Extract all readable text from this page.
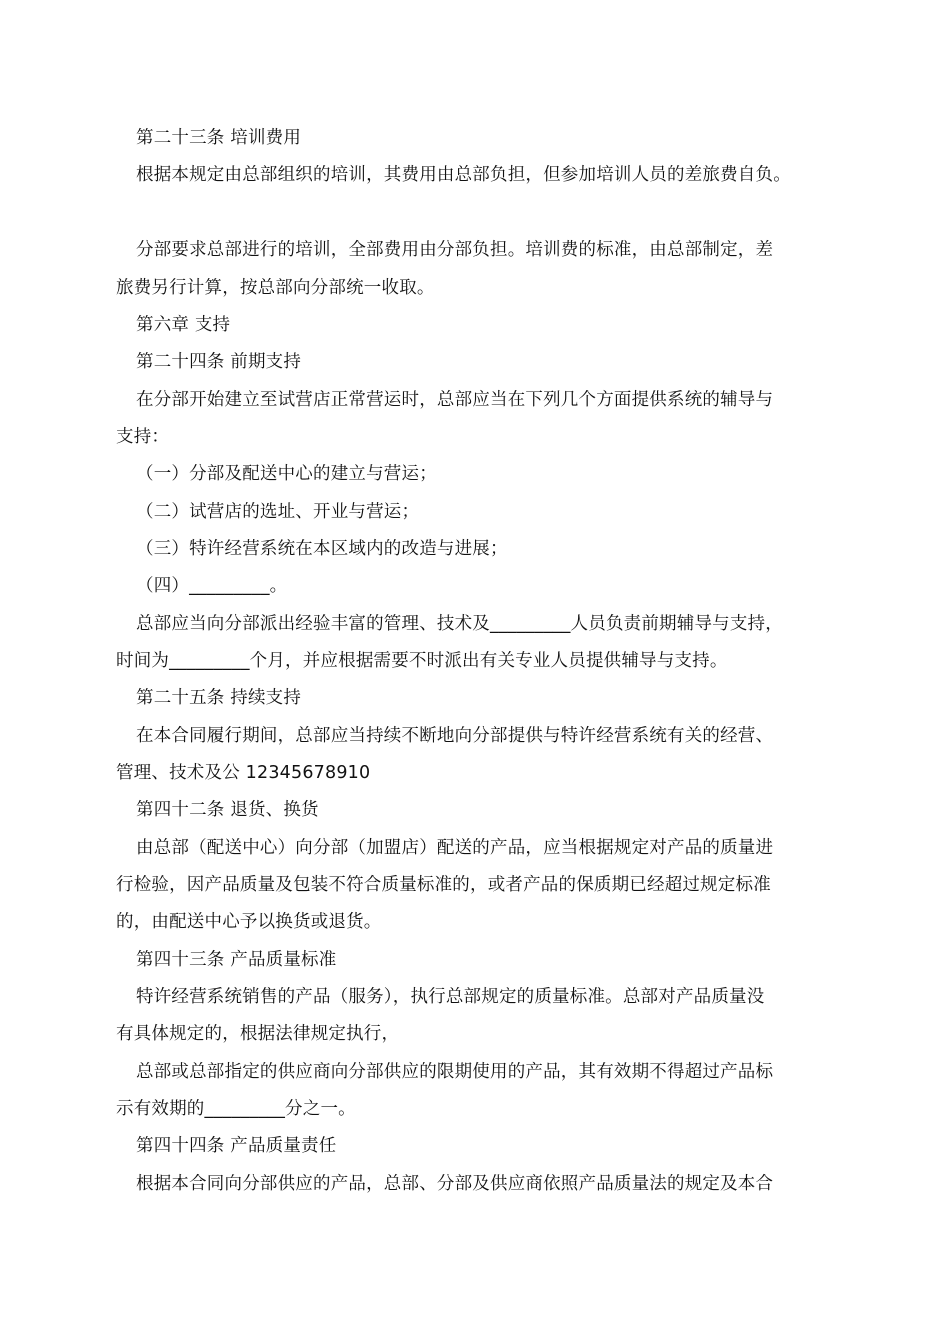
第二十三条 培训费用
根据本规定由总部组织的培训，其费用由总部负担，但参加培训人员的差旅费自负。
分部要求总部进行的培训，全部费用由分部负担。培训费的标准，由总部制定，差
旅费另行计算，按总部向分部统一收取。
第六章 支持
第二十四条 前期支持
在分部开始建立至试营店正常营运时，总部应当在下列几个方面提供系统的辅导与
支持：
（一）分部及配送中心的建立与营运；
（二）试营店的选址、开业与营运；
（三）特许经营系统在本区域内的改造与进展；
（四）_________。
总部应当向分部派出经验丰富的管理、技术及_________人员负责前期辅导与支持，
时间为_________个月，并应根据需要不时派出有关专业人员提供辅导与支持。
第二十五条 持续支持
在本合同履行期间，总部应当持续不断地向分部提供与特许经营系统有关的经营、
管理、技术及公 12345678910
第四十二条 退货、换货
由总部（配送中心）向分部（加盟店）配送的产品，应当根据规定对产品的质量进
行检验，因产品质量及包装不符合质量标准的，或者产品的保质期已经超过规定标准
的，由配送中心予以换货或退货。
第四十三条 产品质量标准
特许经营系统销售的产品（服务），执行总部规定的质量标准。总部对产品质量没
有具体规定的，根据法律规定执行，
总部或总部指定的供应商向分部供应的限期使用的产品，其有效期不得超过产品标
示有效期的_________分之一。
第四十四条 产品质量责任
根据本合同向分部供应的产品，总部、分部及供应商依照产品质量法的规定及本合
